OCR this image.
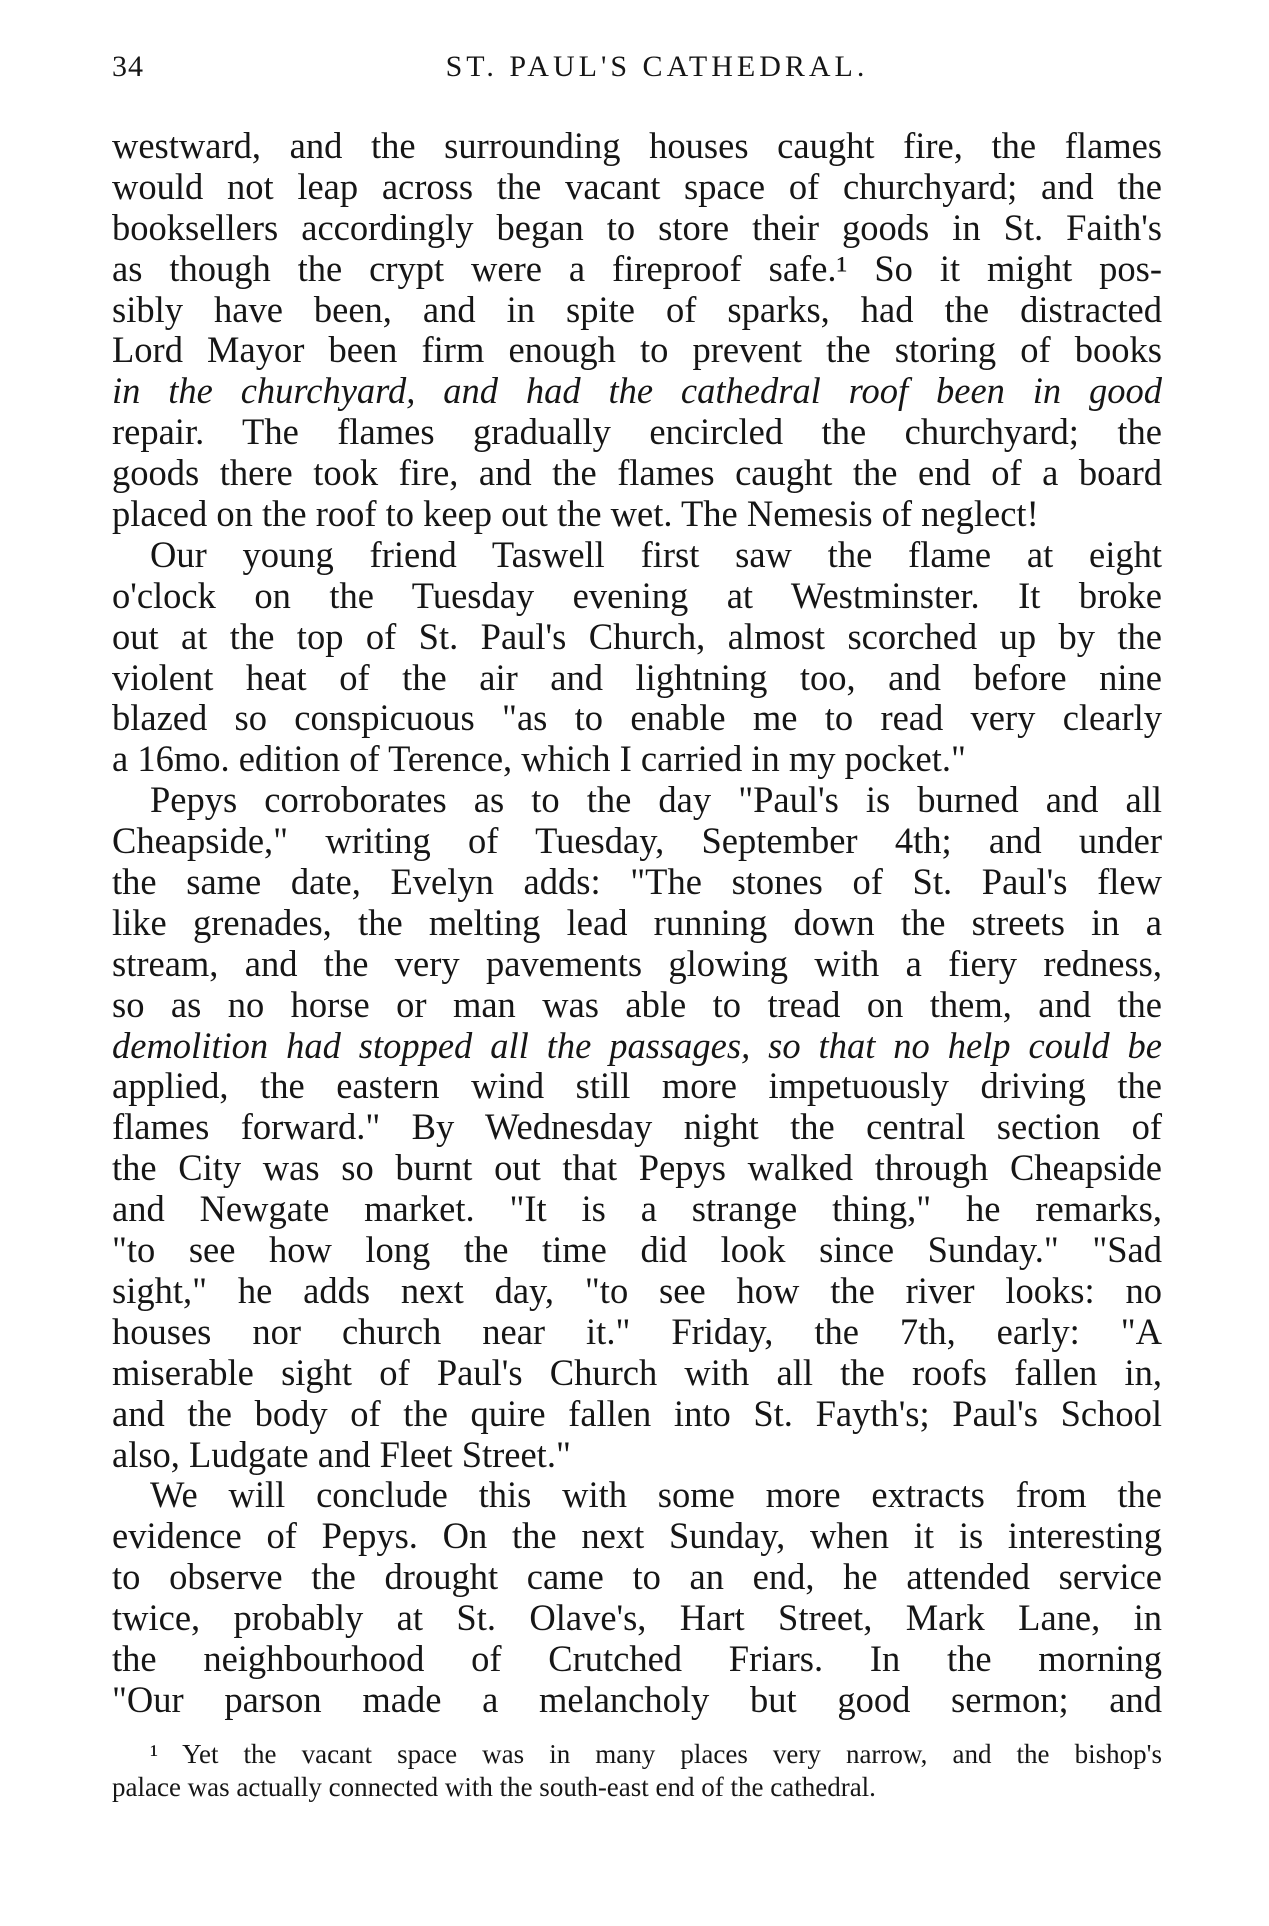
34	ST. PAUL'S CATHEDRAL.
westward, and the surrounding houses caught fire, the flames
would not leap across the vacant space of churchyard; and the
booksellers accordingly began to store their goods in St. Faith's
as though the crypt were a fireproof safe.¹ So it might pos-
sibly have been, and in spite of sparks, had the distracted
Lord Mayor been firm enough to prevent the storing of books
in the churchyard, and had the cathedral roof been in good
repair. The flames gradually encircled the churchyard; the
goods there took fire, and the flames caught the end of a board
placed on the roof to keep out the wet. The Nemesis of neglect!
Our young friend Taswell first saw the flame at eight
o'clock on the Tuesday evening at Westminster. It broke
out at the top of St. Paul's Church, almost scorched up by the
violent heat of the air and lightning too, and before nine
blazed so conspicuous "as to enable me to read very clearly
a 16mo. edition of Terence, which I carried in my pocket."
Pepys corroborates as to the day "Paul's is burned and all
Cheapside," writing of Tuesday, September 4th; and under
the same date, Evelyn adds: "The stones of St. Paul's flew
like grenades, the melting lead running down the streets in a
stream, and the very pavements glowing with a fiery redness,
so as no horse or man was able to tread on them, and the
demolition had stopped all the passages, so that no help could be
applied, the eastern wind still more impetuously driving the
flames forward." By Wednesday night the central section of
the City was so burnt out that Pepys walked through Cheapside
and Newgate market. "It is a strange thing," he remarks,
"to see how long the time did look since Sunday." "Sad
sight," he adds next day, "to see how the river looks: no
houses nor church near it." Friday, the 7th, early: "A
miserable sight of Paul's Church with all the roofs fallen in,
and the body of the quire fallen into St. Fayth's; Paul's School
also, Ludgate and Fleet Street."
We will conclude this with some more extracts from the
evidence of Pepys. On the next Sunday, when it is interesting
to observe the drought came to an end, he attended service
twice, probably at St. Olave's, Hart Street, Mark Lane, in
the neighbourhood of Crutched Friars. In the morning
"Our parson made a melancholy but good sermon; and
¹ Yet the vacant space was in many places very narrow, and the bishop's
palace was actually connected with the south-east end of the cathedral.
